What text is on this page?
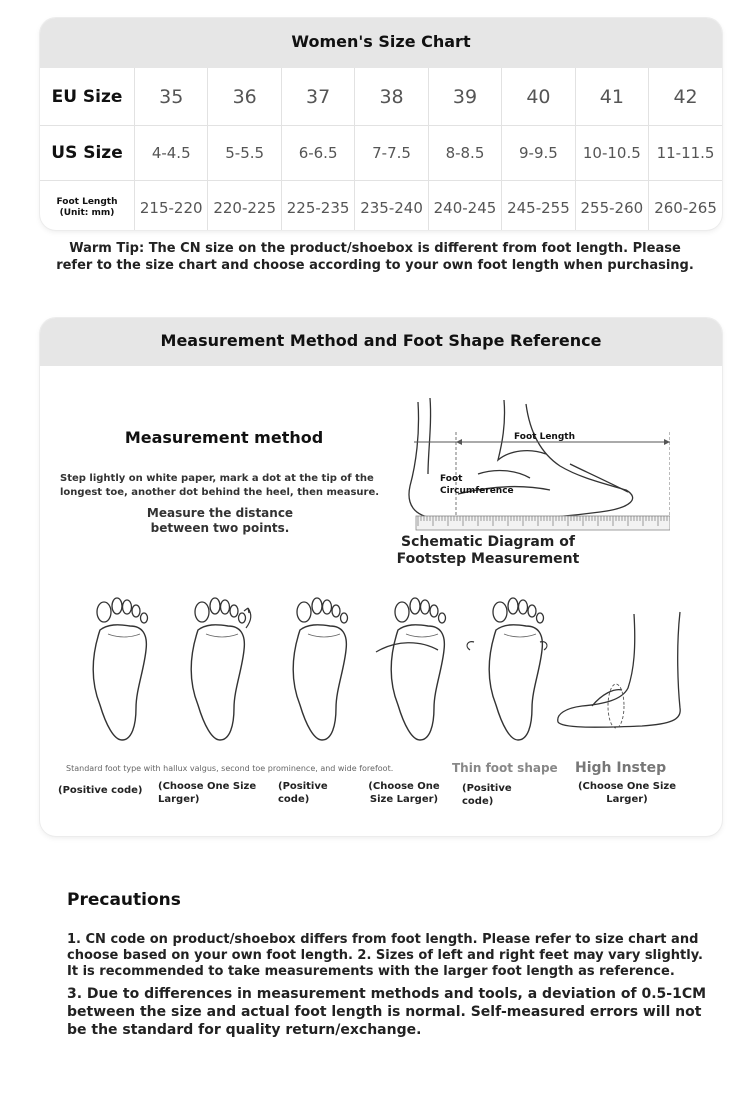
Women's Size Chart
EU Size	35	36	37	38	39	40	41	42
US Size	4-4.5	5-5.5	6-6.5	7-7.5	8-8.5	9-9.5	10-10.5	11-11.5

Foot Length
(Unit: mm)	215-220	220-225	225-235	235-240	240-245	245-255	255-260	260-265
Warm Tip: The CN size on the product/shoebox is different from foot length. Please refer to the size chart and choose according to your own foot length when purchasing.
Measurement Method and Foot Shape Reference
Measurement method
Step lightly on white paper, mark a dot at the tip of the longest toe, another dot behind the heel, then measure.
Measure the distance between two points.
Foot Length
Foot Circumference
Schematic Diagram of Footstep Measurement
Standard foot type with hallux valgus, second toe prominence, and wide forefoot.	Thin foot shape High Instep
(Positive code)	(Choose One Size Larger)
(Positive code)
(Choose One Size Larger)
(Positive code)
(Choose One Size Larger)
Precautions
1. CN code on product/shoebox differs from foot length. Please refer to size chart and choose based on your own foot length. 2. Sizes of left and right feet may vary slightly. It is recommended to take measurements with the larger foot length as reference.
3. Due to differences in measurement methods and tools, a deviation of 0.5-1CM between the size and actual foot length is normal. Self-measured errors will not be the standard for quality return/exchange.
